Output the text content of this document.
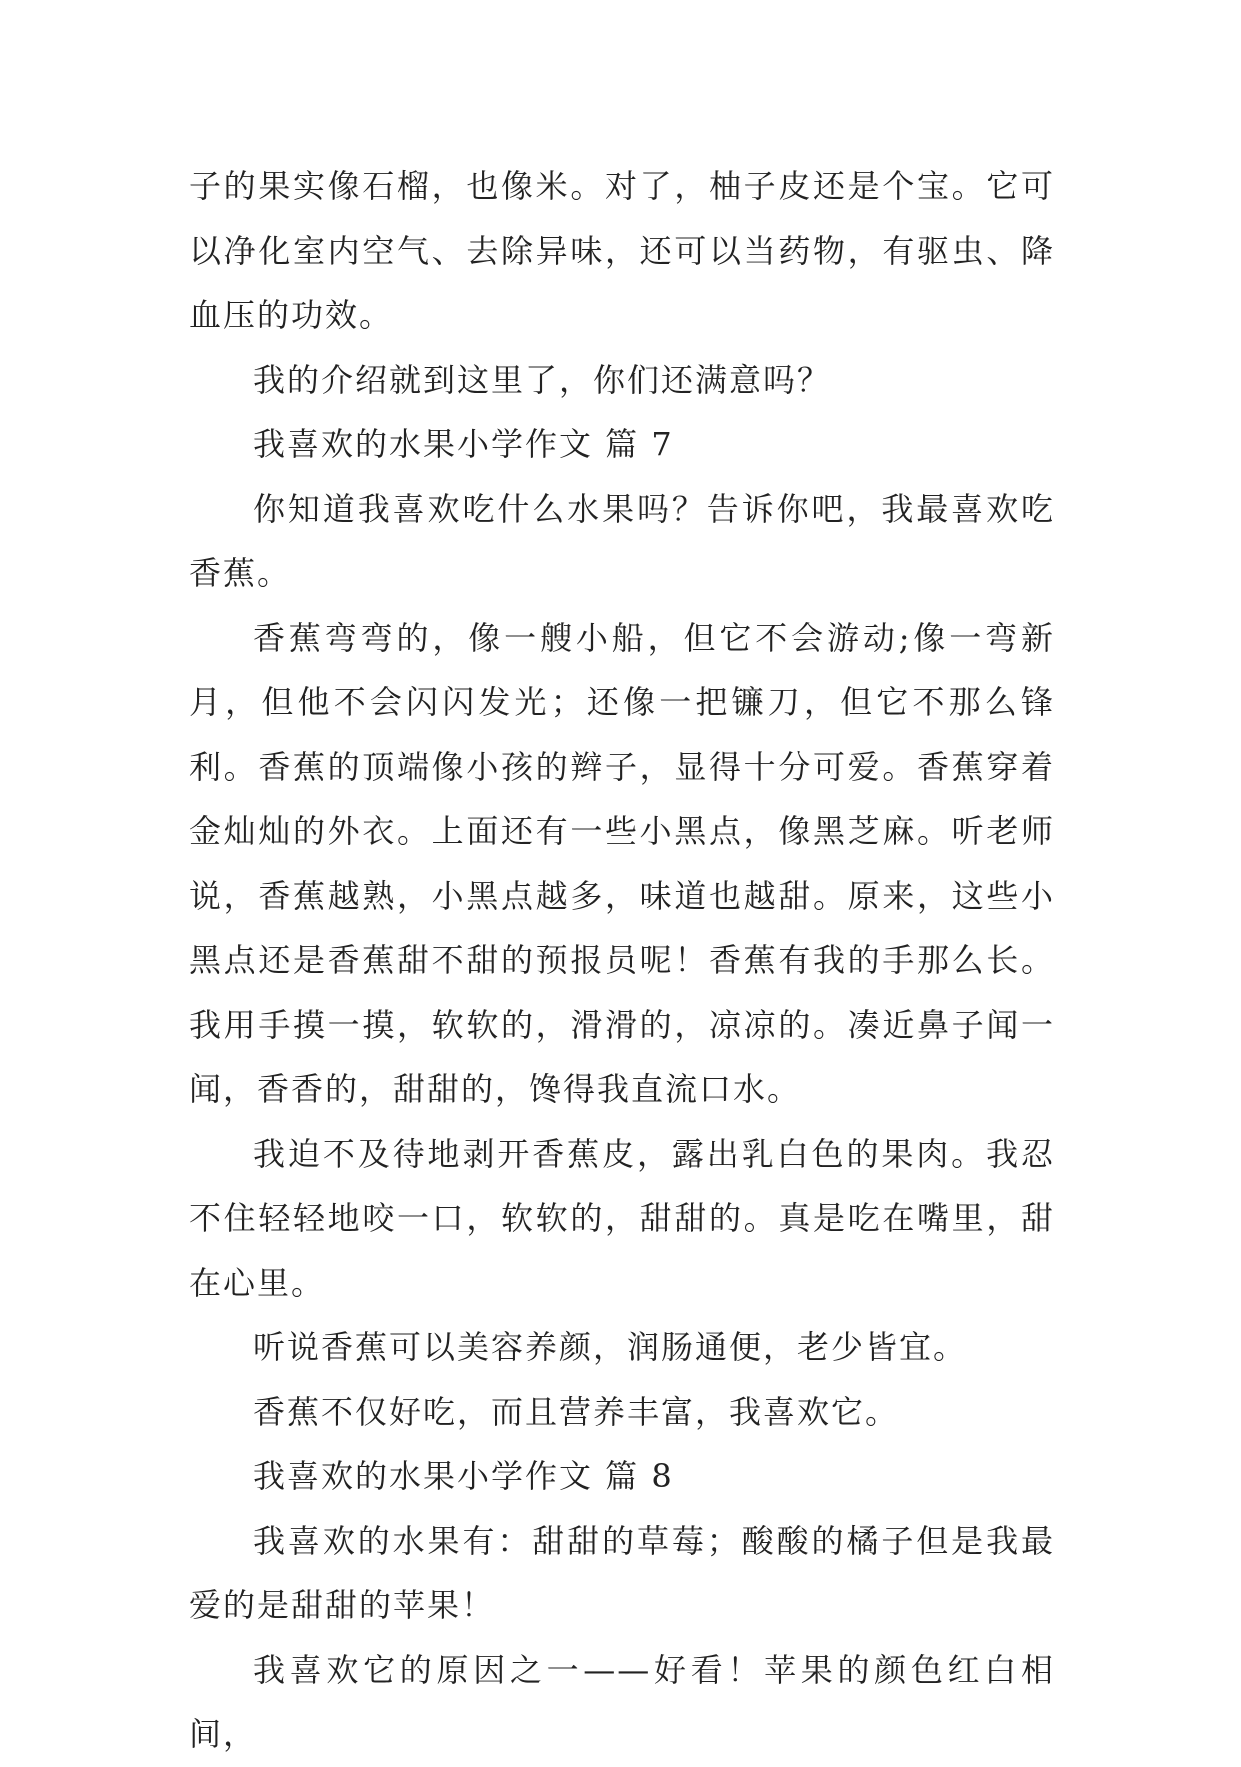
子的果实像石榴，也像米。对了，柚子皮还是个宝。它可以净化室内空气、去除异味，还可以当药物，有驱虫、降血压的功效。

我的介绍就到这里了，你们还满意吗？

我喜欢的水果小学作文 篇 7

你知道我喜欢吃什么水果吗？告诉你吧，我最喜欢吃香蕉。

香蕉弯弯的，像一艘小船，但它不会游动;像一弯新月，但他不会闪闪发光；还像一把镰刀，但它不那么锋利。香蕉的顶端像小孩的辫子，显得十分可爱。香蕉穿着金灿灿的外衣。上面还有一些小黑点，像黑芝麻。听老师说，香蕉越熟，小黑点越多，味道也越甜。原来，这些小黑点还是香蕉甜不甜的预报员呢！香蕉有我的手那么长。我用手摸一摸，软软的，滑滑的，凉凉的。凑近鼻子闻一闻，香香的，甜甜的，馋得我直流口水。

我迫不及待地剥开香蕉皮，露出乳白色的果肉。我忍不住轻轻地咬一口，软软的，甜甜的。真是吃在嘴里，甜在心里。

听说香蕉可以美容养颜，润肠通便，老少皆宜。

香蕉不仅好吃，而且营养丰富，我喜欢它。

我喜欢的水果小学作文 篇 8

我喜欢的水果有：甜甜的草莓；酸酸的橘子但是我最爱的是甜甜的苹果！

我喜欢它的原因之一——好看！苹果的颜色红白相间，
